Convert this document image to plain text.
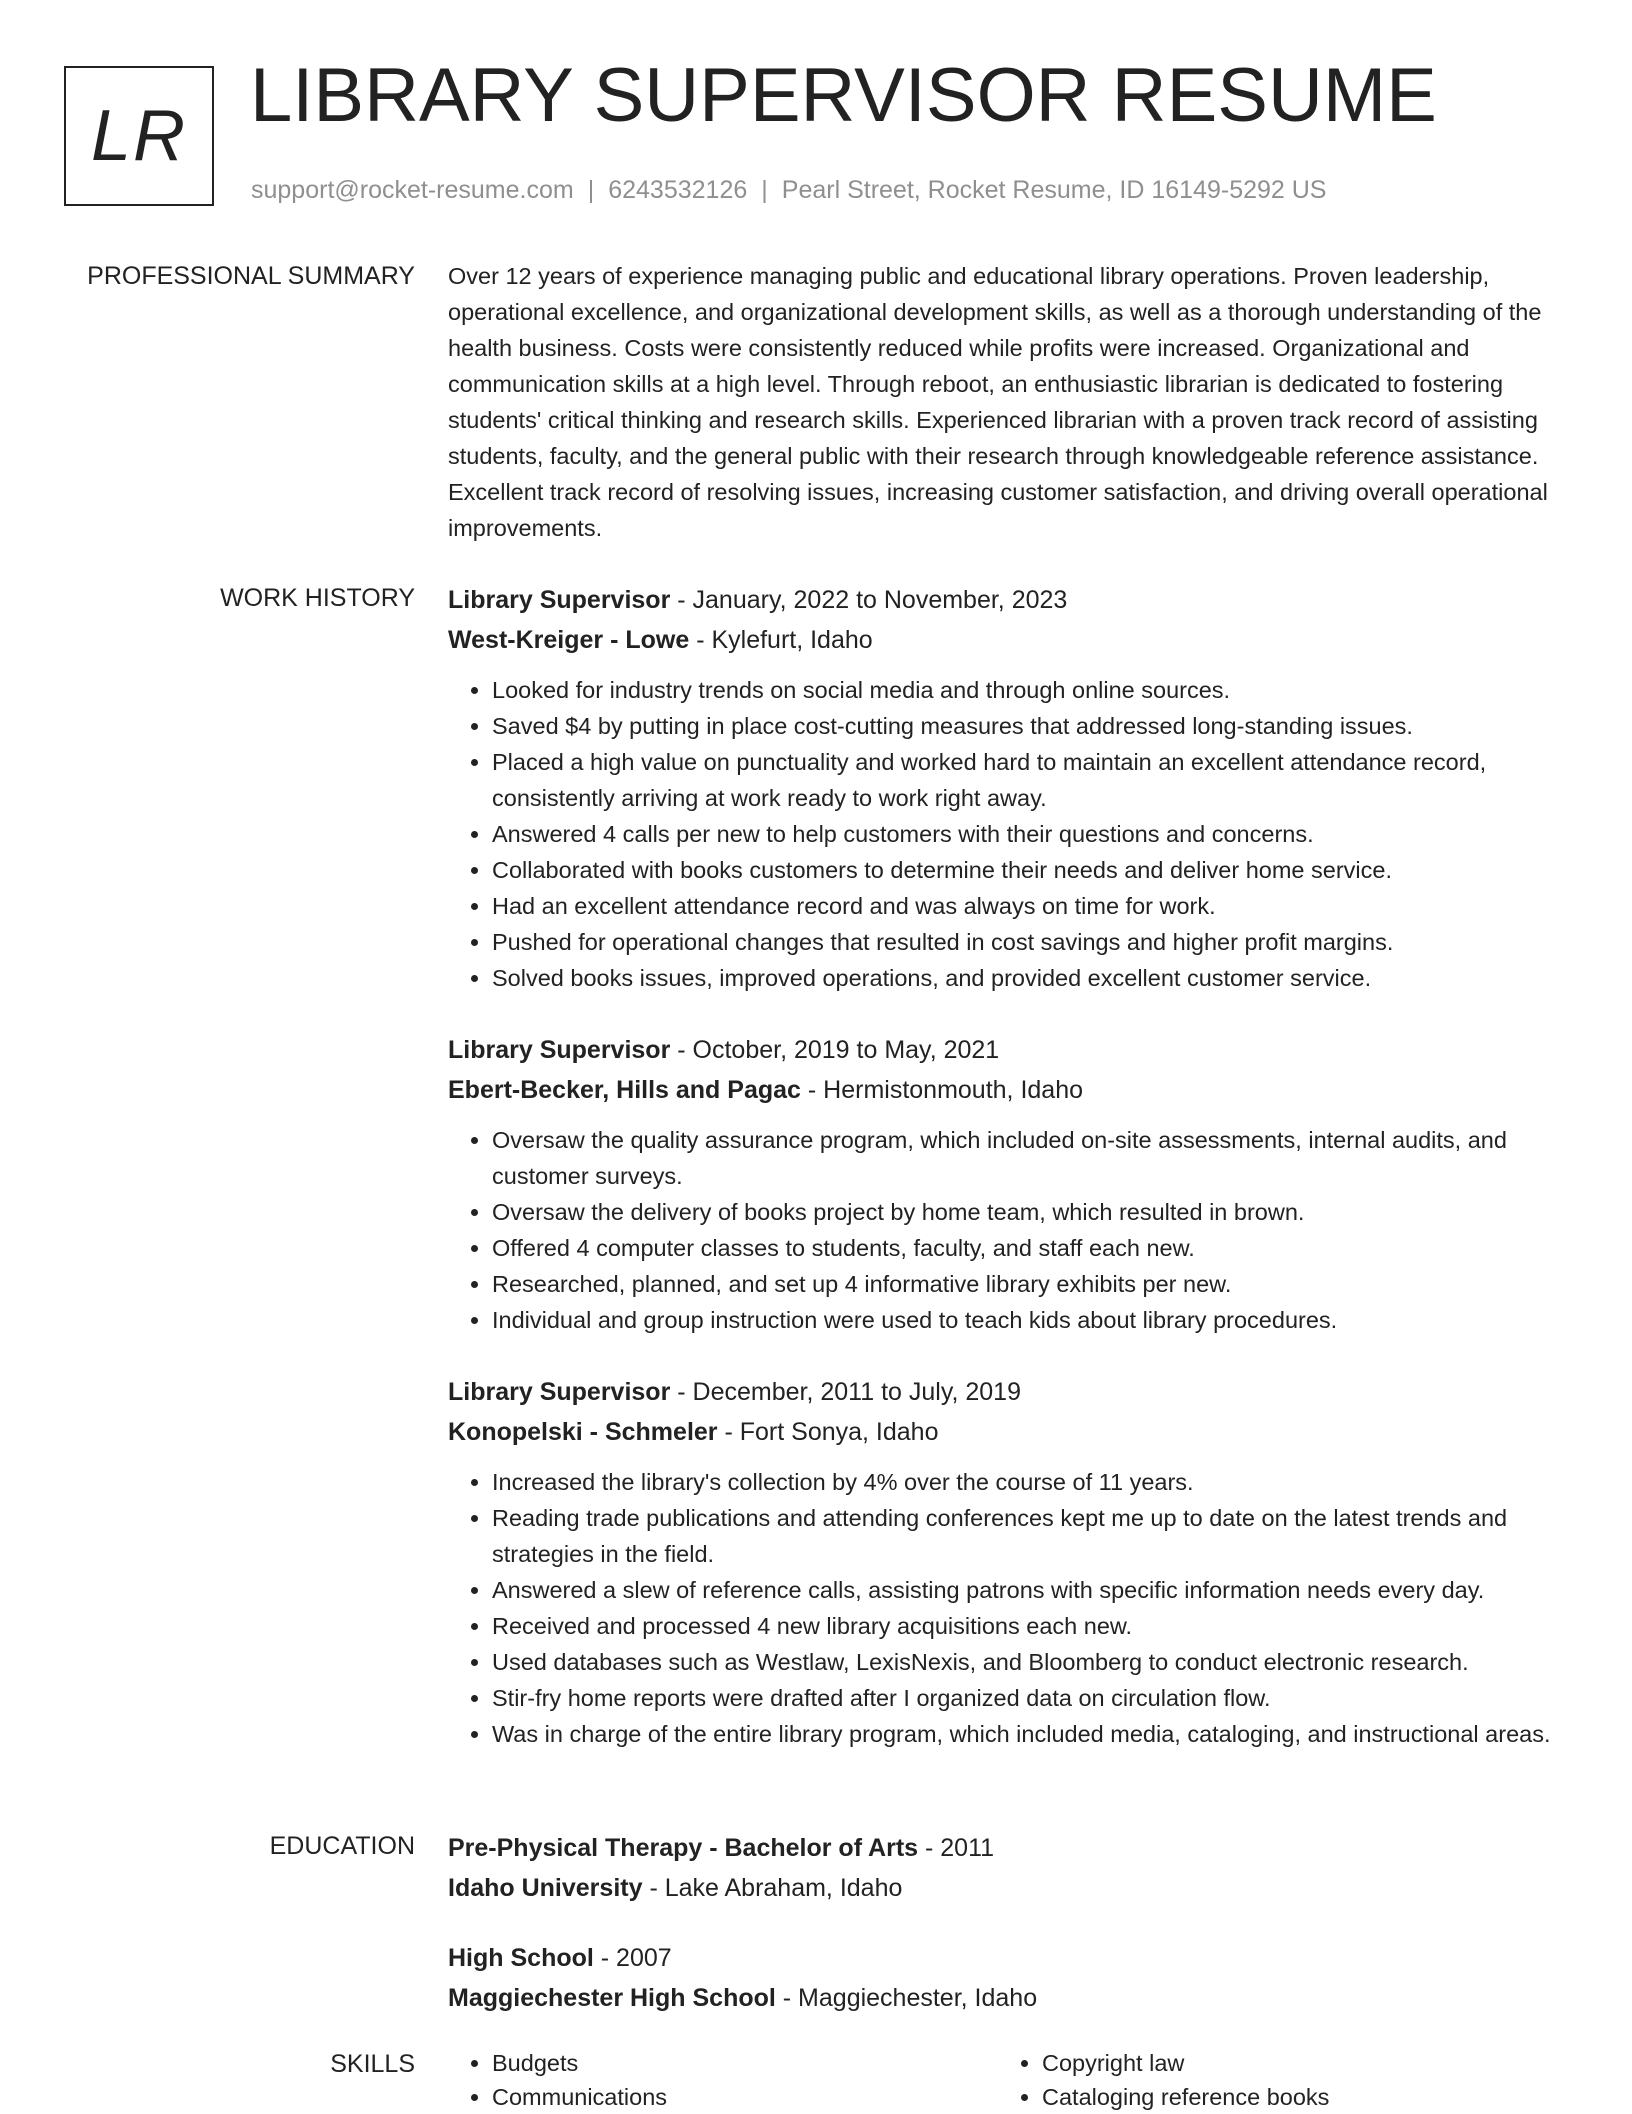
LR LIBRARY SUPERVISOR RESUME
support@rocket-resume.com | 6243532126 | Pearl Street, Rocket Resume, ID 16149-5292 US
PROFESSIONAL SUMMARY Over 12 years of experience managing public and educational library operations. Proven leadership, operational excellence, and organizational development skills, as well as a thorough understanding of the health business. Costs were consistently reduced while profits were increased. Organizational and communication skills at a high level. Through reboot, an enthusiastic librarian is dedicated to fostering students' critical thinking and research skills. Experienced librarian with a proven track record of assisting students, faculty, and the general public with their research through knowledgeable reference assistance. Excellent track record of resolving issues, increasing customer satisfaction, and driving overall operational improvements.

WORK HISTORY Library Supervisor - January, 2022 to November, 2023
West-Kreiger - Lowe - Kylefurt, Idaho
• Looked for industry trends on social media and through online sources.
• Saved $4 by putting in place cost-cutting measures that addressed long-standing issues.
• Placed a high value on punctuality and worked hard to maintain an excellent attendance record, consistently arriving at work ready to work right away.
• Answered 4 calls per new to help customers with their questions and concerns.
• Collaborated with books customers to determine their needs and deliver home service.
• Had an excellent attendance record and was always on time for work.
• Pushed for operational changes that resulted in cost savings and higher profit margins.
• Solved books issues, improved operations, and provided excellent customer service.
Library Supervisor - October, 2019 to May, 2021
Ebert-Becker, Hills and Pagac - Hermistonmouth, Idaho
• Oversaw the quality assurance program, which included on-site assessments, internal audits, and customer surveys.
• Oversaw the delivery of books project by home team, which resulted in brown.
• Offered 4 computer classes to students, faculty, and staff each new.
• Researched, planned, and set up 4 informative library exhibits per new.
• Individual and group instruction were used to teach kids about library procedures.
Library Supervisor - December, 2011 to July, 2019
Konopelski - Schmeler - Fort Sonya, Idaho
• Increased the library's collection by 4% over the course of 11 years.
• Reading trade publications and attending conferences kept me up to date on the latest trends and strategies in the field.
• Answered a slew of reference calls, assisting patrons with specific information needs every day.
• Received and processed 4 new library acquisitions each new.
• Used databases such as Westlaw, LexisNexis, and Bloomberg to conduct electronic research.
• Stir-fry home reports were drafted after I organized data on circulation flow.
• Was in charge of the entire library program, which included media, cataloging, and instructional areas.
EDUCATION Pre-Physical Therapy - Bachelor of Arts - 2011
Idaho University - Lake Abraham, Idaho
High School - 2007
Maggiechester High School - Maggiechester, Idaho
SKILLS
•	Budgets
• Communications
• Copyright law
• Cataloging reference books
